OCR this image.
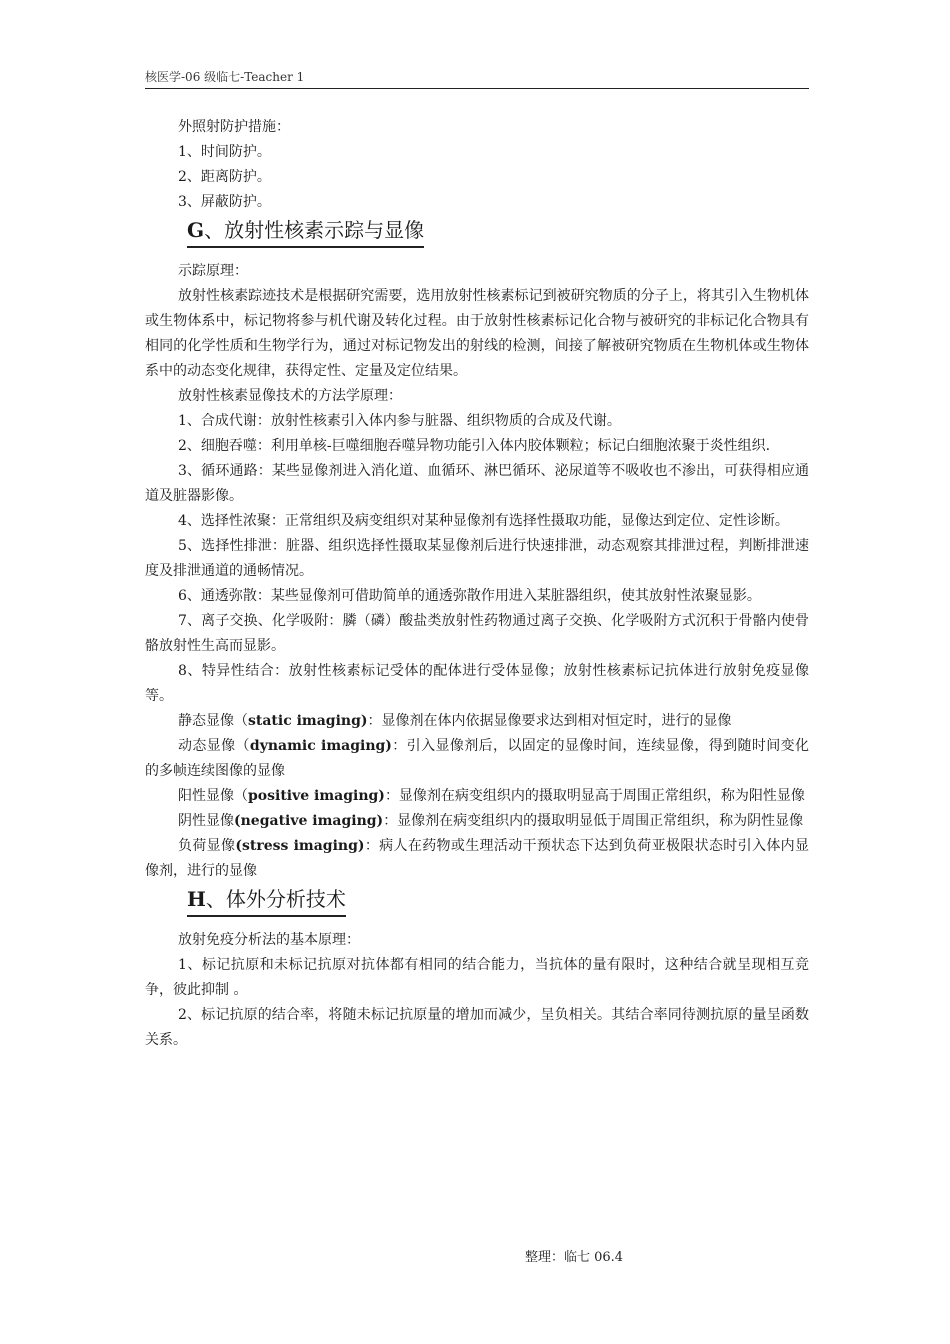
核医学-06 级临七-Teacher 1

外照射防护措施：

1、时间防护。

2、距离防护。

3、屏蔽防护。

G、放射性核素示踪与显像

示踪原理：

放射性核素踪迹技术是根据研究需要，选用放射性核素标记到被研究物质的分子上，将其引入生物机体或生物体系中，标记物将参与机代谢及转化过程。由于放射性核素标记化合物与被研究的非标记化合物具有相同的化学性质和生物学行为，通过对标记物发出的射线的检测，间接了解被研究物质在生物机体或生物体系中的动态变化规律，获得定性、定量及定位结果。

放射性核素显像技术的方法学原理：

1、合成代谢：放射性核素引入体内参与脏器、组织物质的合成及代谢。

2、细胞吞噬：利用单核-巨噬细胞吞噬异物功能引入体内胶体颗粒；标记白细胞浓聚于炎性组织.

3、循环通路：某些显像剂进入消化道、血循环、淋巴循环、泌尿道等不吸收也不渗出，可获得相应通道及脏器影像。

4、选择性浓聚：正常组织及病变组织对某种显像剂有选择性摄取功能，显像达到定位、定性诊断。

5、选择性排泄：脏器、组织选择性摄取某显像剂后进行快速排泄，动态观察其排泄过程，判断排泄速度及排泄通道的通畅情况。

6、通透弥散：某些显像剂可借助简单的通透弥散作用进入某脏器组织，使其放射性浓聚显影。

7、离子交换、化学吸附：膦（磷）酸盐类放射性药物通过离子交换、化学吸附方式沉积于骨骼内使骨骼放射性生高而显影。

8、特异性结合：放射性核素标记受体的配体进行受体显像；放射性核素标记抗体进行放射免疫显像等。

静态显像（static imaging)：显像剂在体内依据显像要求达到相对恒定时，进行的显像

动态显像（dynamic imaging)：引入显像剂后，以固定的显像时间，连续显像，得到随时间变化的多帧连续图像的显像

阳性显像（positive imaging)：显像剂在病变组织内的摄取明显高于周围正常组织，称为阳性显像

阴性显像(negative imaging)：显像剂在病变组织内的摄取明显低于周围正常组织，称为阴性显像

负荷显像(stress imaging)：病人在药物或生理活动干预状态下达到负荷亚极限状态时引入体内显像剂，进行的显像

H、体外分析技术

放射免疫分析法的基本原理：

1、标记抗原和未标记抗原对抗体都有相同的结合能力，当抗体的量有限时，这种结合就呈现相互竞争，彼此抑制 。

2、标记抗原的结合率，将随未标记抗原量的增加而减少，呈负相关。其结合率同待测抗原的量呈函数关系。

整理：临七 06.4
